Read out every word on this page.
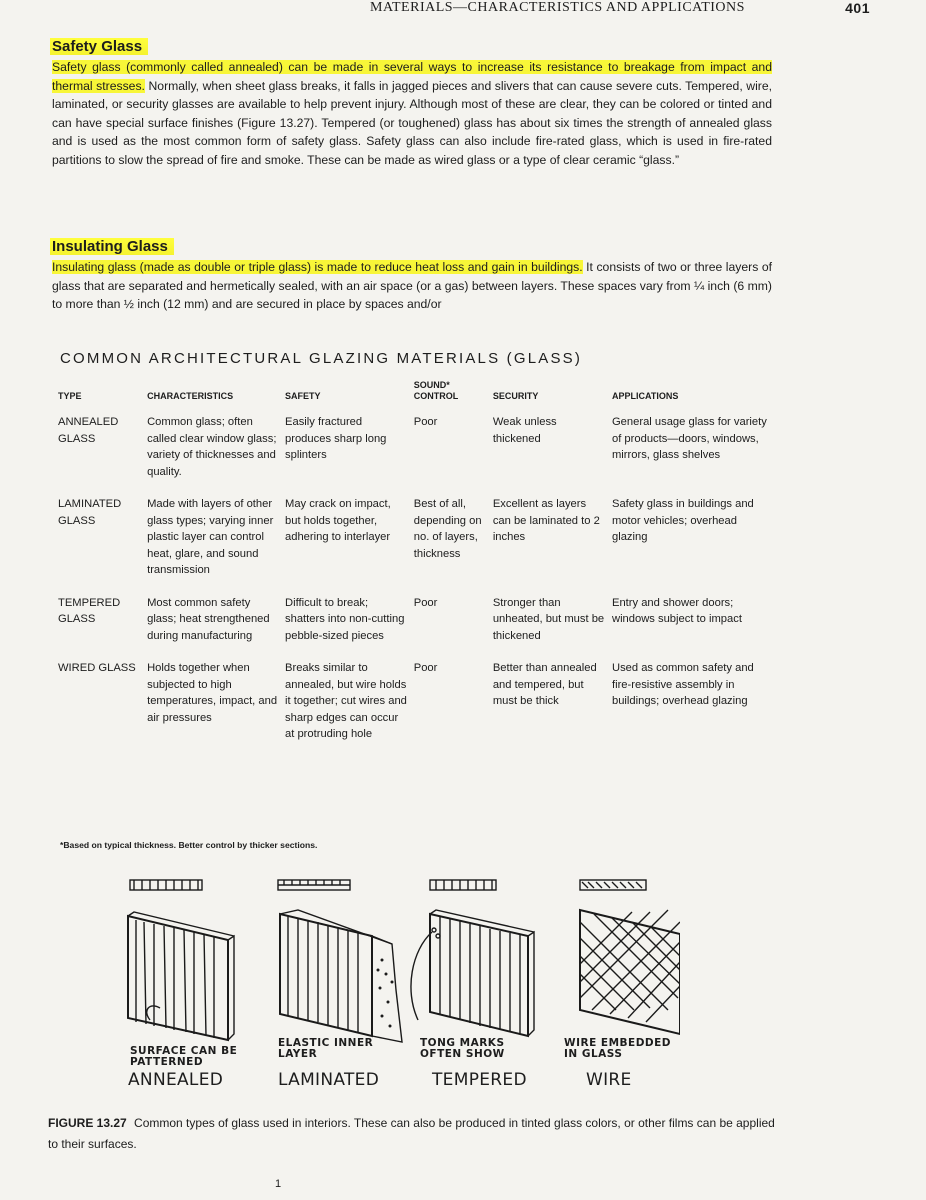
MATERIALS—CHARACTERISTICS AND APPLICATIONS	401
Safety Glass

Safety glass (commonly called annealed) can be made in several ways to increase its resistance to breakage from impact and thermal stresses. Normally, when sheet glass breaks, it falls in jagged pieces and slivers that can cause severe cuts. Tempered, wire, laminated, or security glasses are available to help prevent injury. Although most of these are clear, they can be colored or tinted and can have special surface finishes (Figure 13.27). Tempered (or toughened) glass has about six times the strength of annealed glass and is used as the most common form of safety glass. Safety glass can also include fire-rated glass, which is used in fire-rated partitions to slow the spread of fire and smoke. These can be made as wired glass or a type of clear ceramic “glass.”

Insulating Glass

Insulating glass (made as double or triple glass) is made to reduce heat loss and gain in buildings. It consists of two or three layers of glass that are separated and hermetically sealed, with an air space (or a gas) between layers. These spaces vary from ¼ inch (6 mm) to more than ½ inch (12 mm) and are secured in place by spaces and/or

COMMON ARCHITECTURAL GLAZING MATERIALS (GLASS)
TYPE	CHARACTERISTICS	SAFETY	SOUND* CONTROL	SECURITY	APPLICATIONS
ANNEALED GLASS	Common glass; often called clear window glass; variety of thicknesses and quality.	Easily fractured produces sharp long splinters	Poor	Weak unless thickened	General usage glass for variety of products—doors, windows, mirrors, glass shelves
LAMINATED GLASS	Made with layers of other glass types; varying inner plastic layer can control heat, glare, and sound transmission	May crack on impact, but holds together, adhering to interlayer	Best of all, depending on no. of layers, thickness	Excellent as layers can be laminated to 2 inches	Safety glass in buildings and motor vehicles; overhead glazing
TEMPERED GLASS	Most common safety glass; heat strengthened during manufacturing	Difficult to break; shatters into non-cutting pebble-sized pieces	Poor	Stronger than unheated, but must be thickened	Entry and shower doors; windows subject to impact
WIRED GLASS	Holds together when subjected to high temperatures, impact, and air pressures	Breaks similar to annealed, but wire holds it together; cut wires and sharp edges can occur at protruding hole	Poor	Better than annealed and tempered, but must be thick	Used as common safety and fire-resistive assembly in buildings; overhead glazing
*Based on typical thickness. Better control by thicker sections.
SURFACE CAN BE PATTERNED
ELASTIC INNER LAYER
TONG MARKS OFTEN SHOW
WIRE EMBEDDED IN GLASS
ANNEALED	LAMINATED	TEMPERED	WIRE
FIGURE 13.27 Common types of glass used in interiors. These can also be produced in tinted glass colors, or other films can be applied to their surfaces.
1
